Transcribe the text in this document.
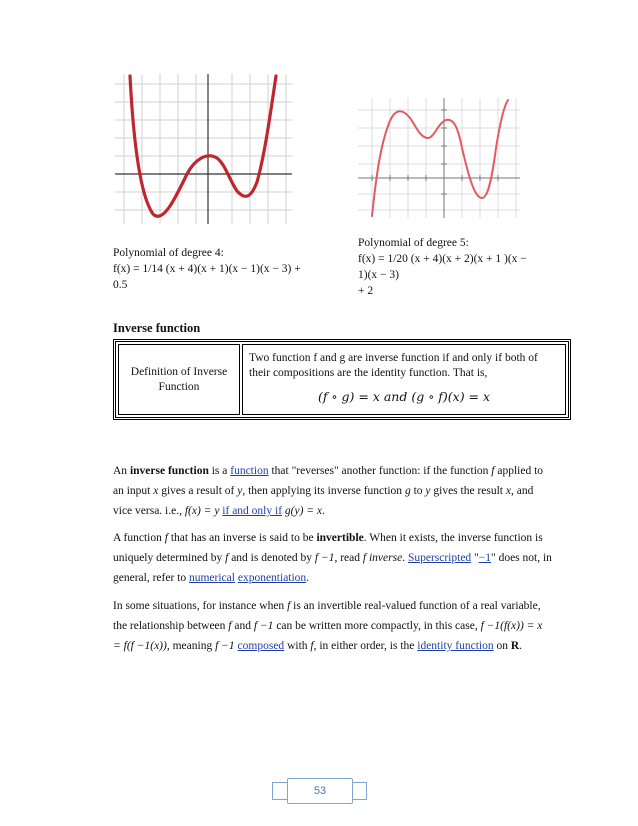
Polynomial of degree 4:
f(x) = 1/14 (x + 4)(x + 1)(x − 1)(x − 3) +
0.5
Polynomial of degree 5:
f(x) = 1/20 (x + 4)(x + 2)(x + 1 )(x −
1)(x − 3)
+ 2
Inverse function
Definition of Inverse Function	Two function f and g are inverse function if and only if both of their compositions are the identity function. That is,
(f ∘ g) = x and (g ∘ f)(x) = x

An inverse function is a function that "reverses" another function: if the function f applied to an input x gives a result of y, then applying its inverse function g to y gives the result x, and vice versa. i.e., f(x) = y if and only if g(y) = x.

A function f that has an inverse is said to be invertible. When it exists, the inverse function is uniquely determined by f and is denoted by f −1, read f inverse. Superscripted "−1" does not, in general, refer to numerical exponentiation.

In some situations, for instance when f is an invertible real-valued function of a real variable, the relationship between f and f −1 can be written more compactly, in this case, f −1(f(x)) = x = f(f −1(x)), meaning f −1 composed with f, in either order, is the identity function on R.

53
